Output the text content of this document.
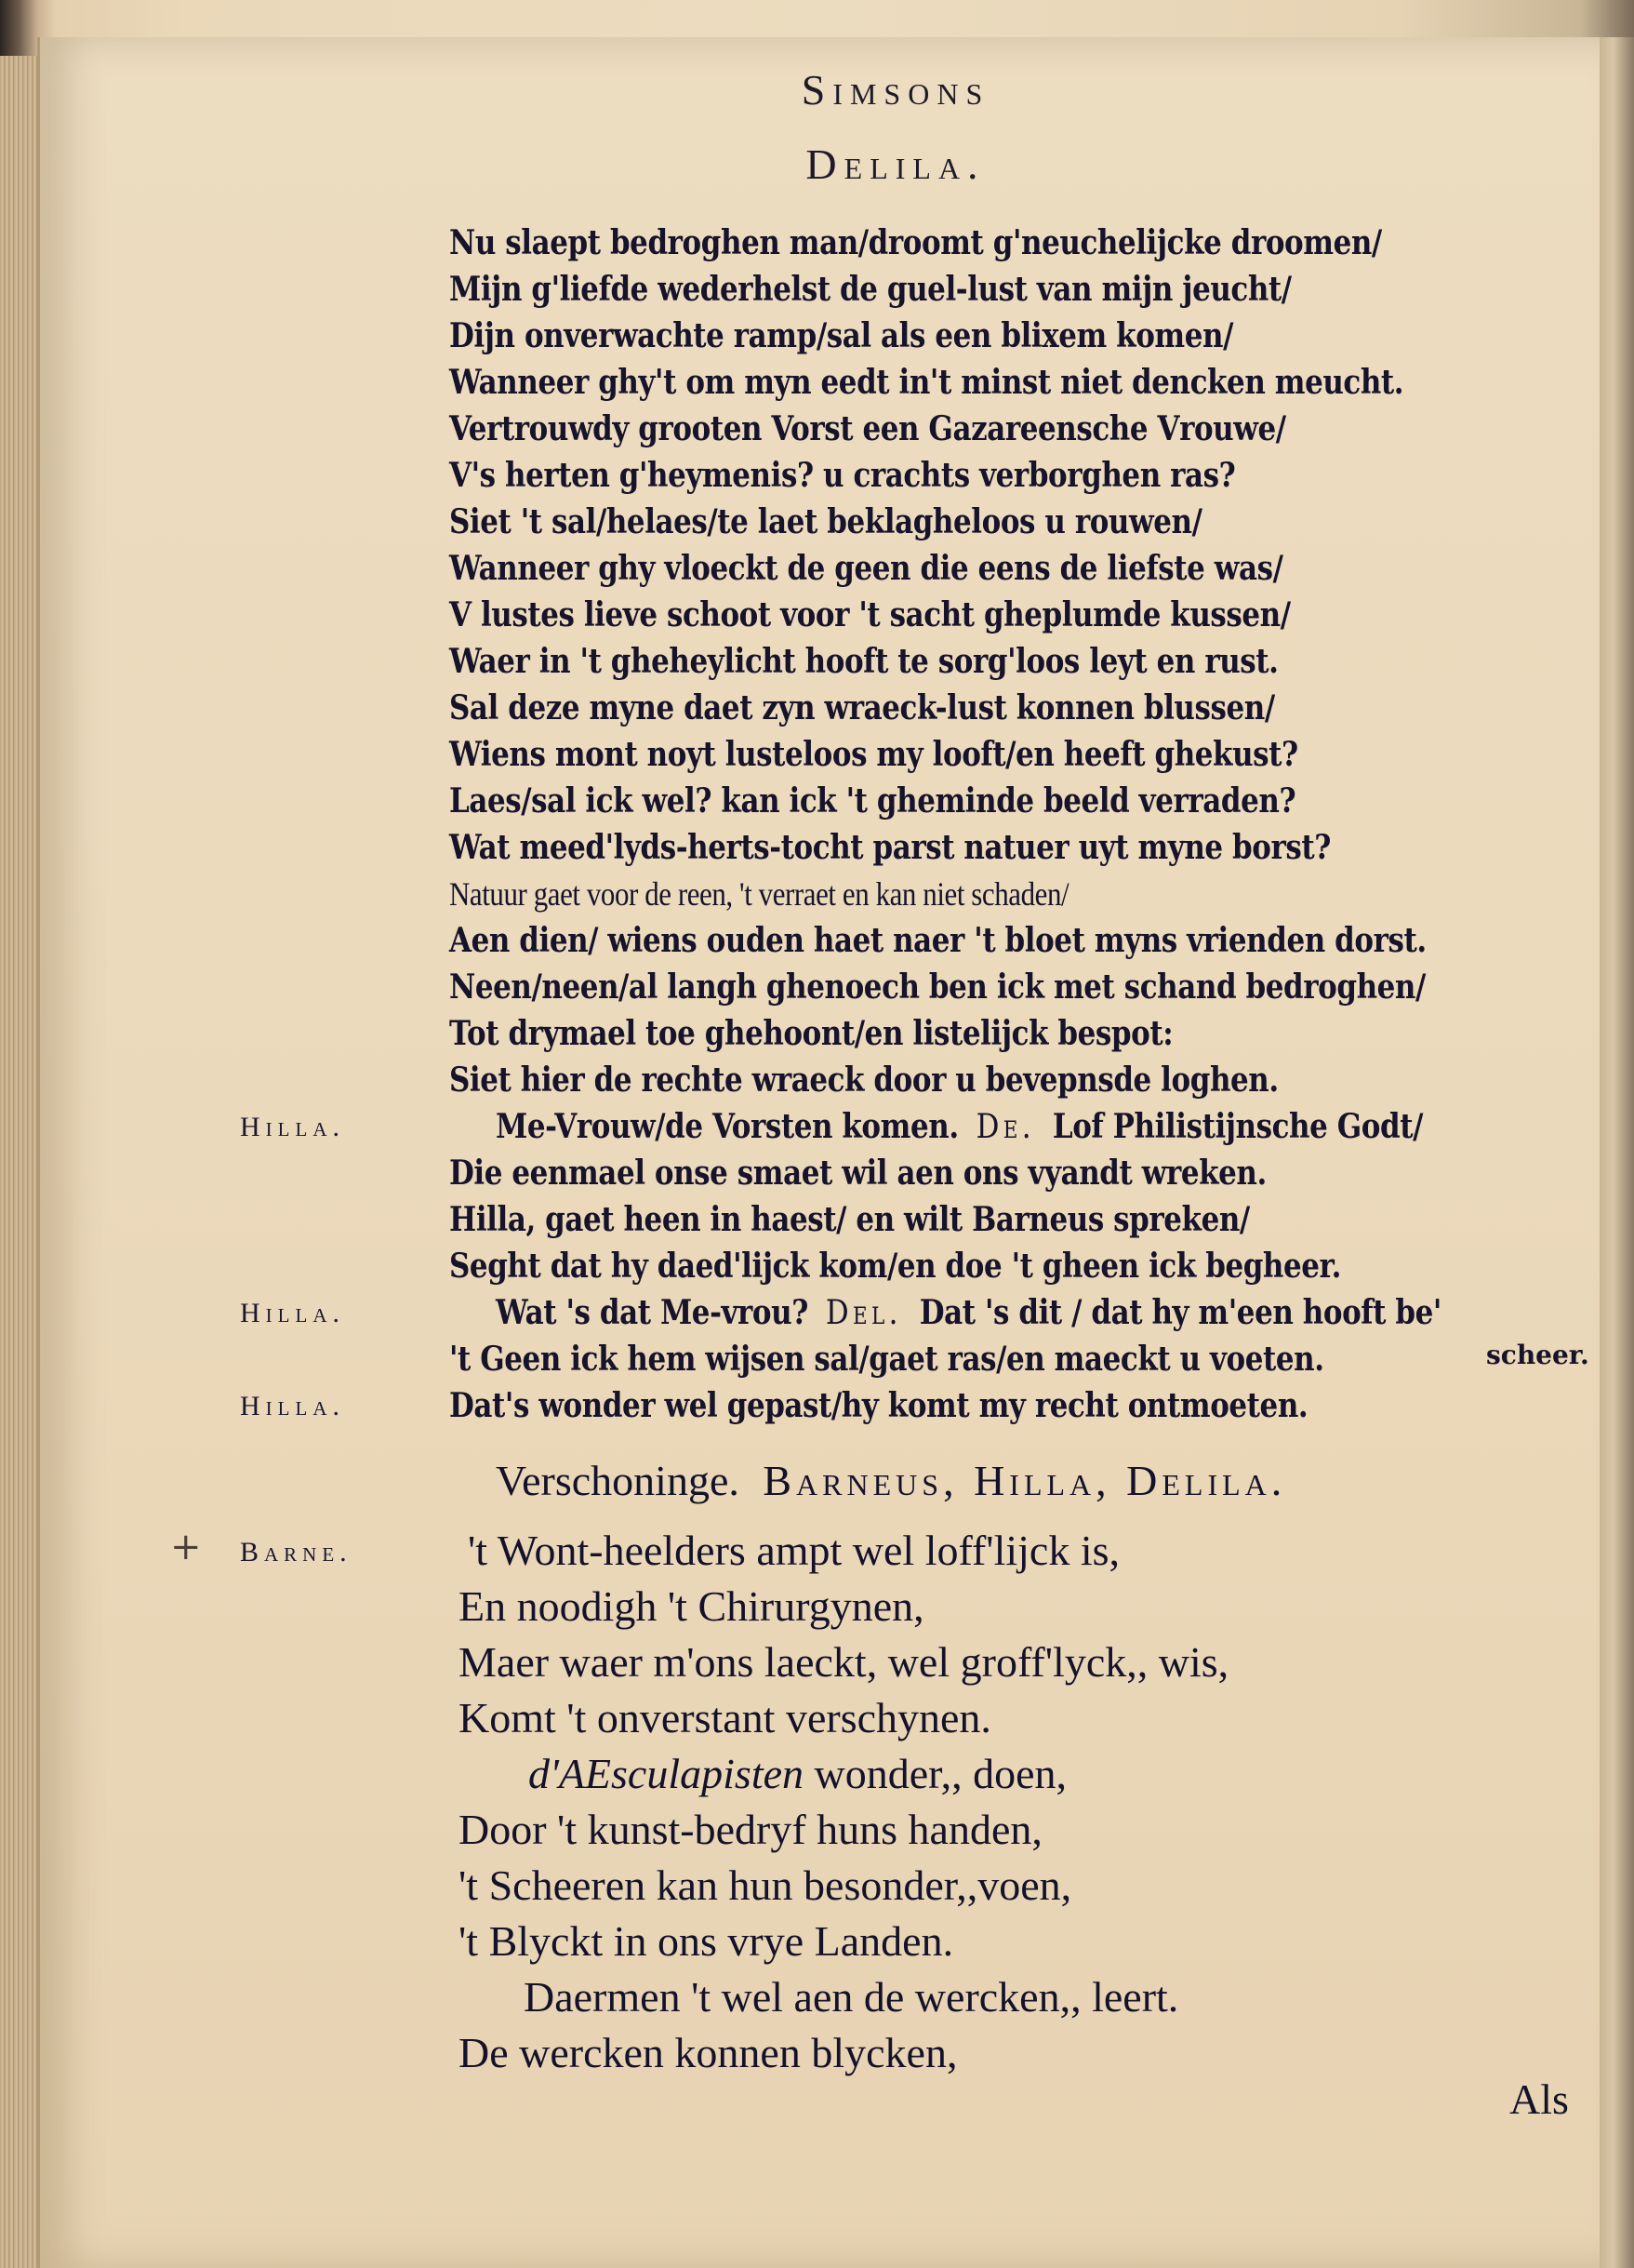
Simsons
Delila.
Nu slaept bedroghen man/droomt g'neuchelijcke droomen/
Mijn g'liefde wederhelst de guel-lust van mijn jeucht/
Dijn onverwachte ramp/sal als een blixem komen/
Wanneer ghy't om myn eedt in't minst niet dencken meucht.
Vertrouwdy grooten Vorst een Gazareensche Vrouwe/
V's herten g'heymenis? u crachts verborghen ras?
Siet 't sal/helaes/te laet beklagheloos u rouwen/
Wanneer ghy vloeckt de geen die eens de liefste was/
V lustes lieve schoot voor 't sacht gheplumde kussen/
Waer in 't gheheylicht hooft te sorg'loos leyt en rust.
Sal deze myne daet zyn wraeck-lust konnen blussen/
Wiens mont noyt lusteloos my looft/en heeft ghekust?
Laes/sal ick wel? kan ick 't gheminde beeld verraden?
Wat meed'lyds-herts-tocht parst natuer uyt myne borst?
Natuur gaet voor de reen, 't verraet en kan niet schaden/
Aen dien/ wiens ouden haet naer 't bloet myns vrienden dorst.
Neen/neen/al langh ghenoech ben ick met schand bedroghen/
Tot drymael toe ghehoont/en listelijck bespot:
Siet hier de rechte wraeck door u bevepnsde loghen.
Hilla.	Me-Vrouw/de Vorsten komen. De. Lof Philistijnsche Godt/
Die eenmael onse smaet wil aen ons vyandt wreken.
Hilla, gaet heen in haest/ en wilt Barneus spreken/
Seght dat hy daed'lijck kom/en doe 't gheen ick begheer.
Hilla.	Wat 's dat Me-vrou? Del. Dat 's dit / dat hy m'een hooft be'
't Geen ick hem wijsen sal/gaet ras/en maeckt u voeten.	scheer.
Hilla.	Dat's wonder wel gepast/hy komt my recht ontmoeten.
Verschoninge. Barneus, Hilla, Delila.
+ Barne.	't Wont-heelders ampt wel loff'lijck is,
En noodigh 't Chirurgynen,
Maer waer m'ons laeckt, wel groff'lyck,, wis,
Komt 't onverstant verschynen.
d'AEsculapisten wonder,, doen,
Door 't kunst-bedryf huns handen,
't Scheeren kan hun besonder,,voen,
't Blyckt in ons vrye Landen.
Daermen 't wel aen de wercken,, leert.
De wercken konnen blycken,
Als
